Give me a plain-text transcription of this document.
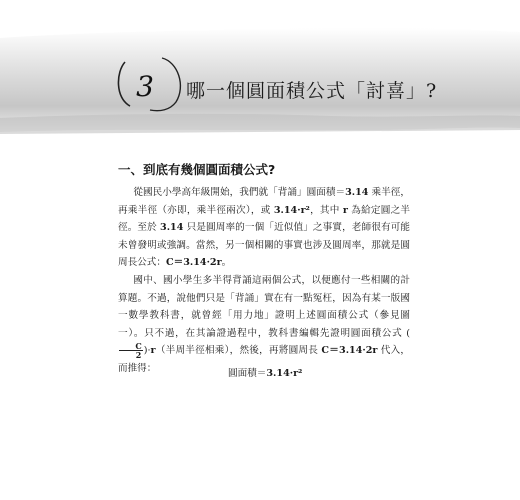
3	哪一個圓面積公式「討喜」?
一、到底有幾個圓面積公式?

從國民小學高年級開始，我們就「背誦」圓面積＝3.14 乘半徑，再乘半徑（亦即，乘半徑兩次），或 3.14·r²，其中 r 為給定圓之半徑。至於 3.14 只是圓周率的一個「近似值」之事實，老師很有可能未曾發明或強調。當然，另一個相關的事實也涉及圓周率，那就是圓周長公式：C＝3.14·2r。

國中、國小學生多半得背誦這兩個公式，以便應付一些相關的計算題。不過，說他們只是「背誦」實在有一點冤枉，因為有某一版國一數學教科書，就曾經「用力地」證明上述圓面積公式（參見圖一）。只不過，在其論證過程中，教科書編輯先證明圓面積公式 (
$\frac{C}{2} )\cdot r$（半周半徑相乘），然後，再將圓周長 C＝3.14·2r 代入，而推得：	圓面積＝3.14·r²
